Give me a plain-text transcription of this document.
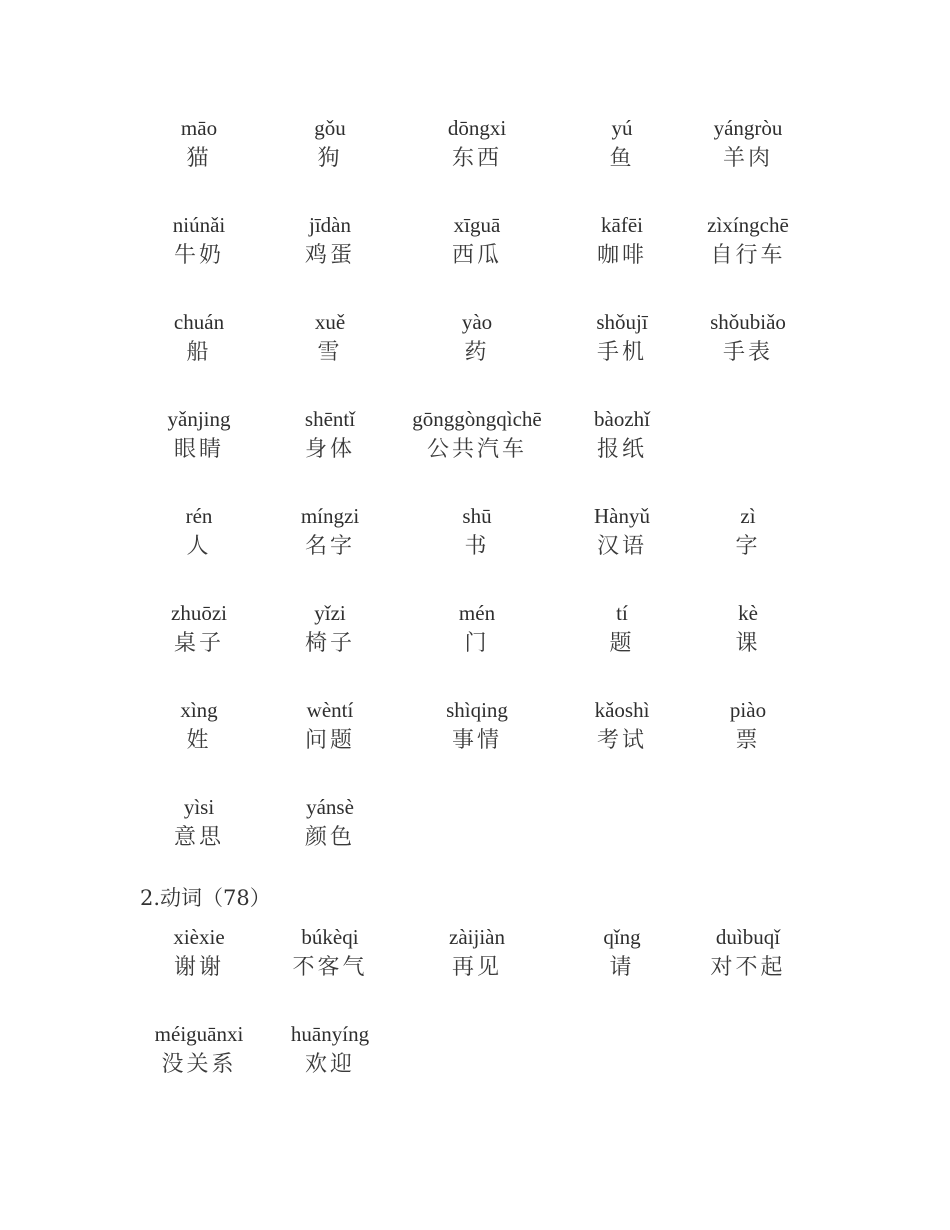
māo
猫
gǒu
狗
dōngxi
东西
yú
鱼
yángròu
羊肉
niúnǎi
牛奶
jīdàn
鸡蛋
xīguā
西瓜
kāfēi
咖啡
zìxíngchē
自行车
chuán
船
xuě
雪
yào
药
shǒujī
手机
shǒubiǎo
手表
yǎnjing
眼睛
shēntǐ
身体
gōnggòngqìchē
公共汽车
bàozhǐ
报纸
rén
人
míngzi
名字
shū
书
Hànyǔ
汉语
zì
字
zhuōzi
桌子
yǐzi
椅子
mén
门
tí
题
kè
课
xìng
姓
wèntí
问题
shìqing
事情
kǎoshì
考试
piào
票
yìsi
意思
yánsè
颜色
2.动词（78）
xièxie
谢谢
búkèqi
不客气
zàijiàn
再见
qǐng
请
duìbuqǐ
对不起
méiguānxi
没关系
huānyíng
欢迎
